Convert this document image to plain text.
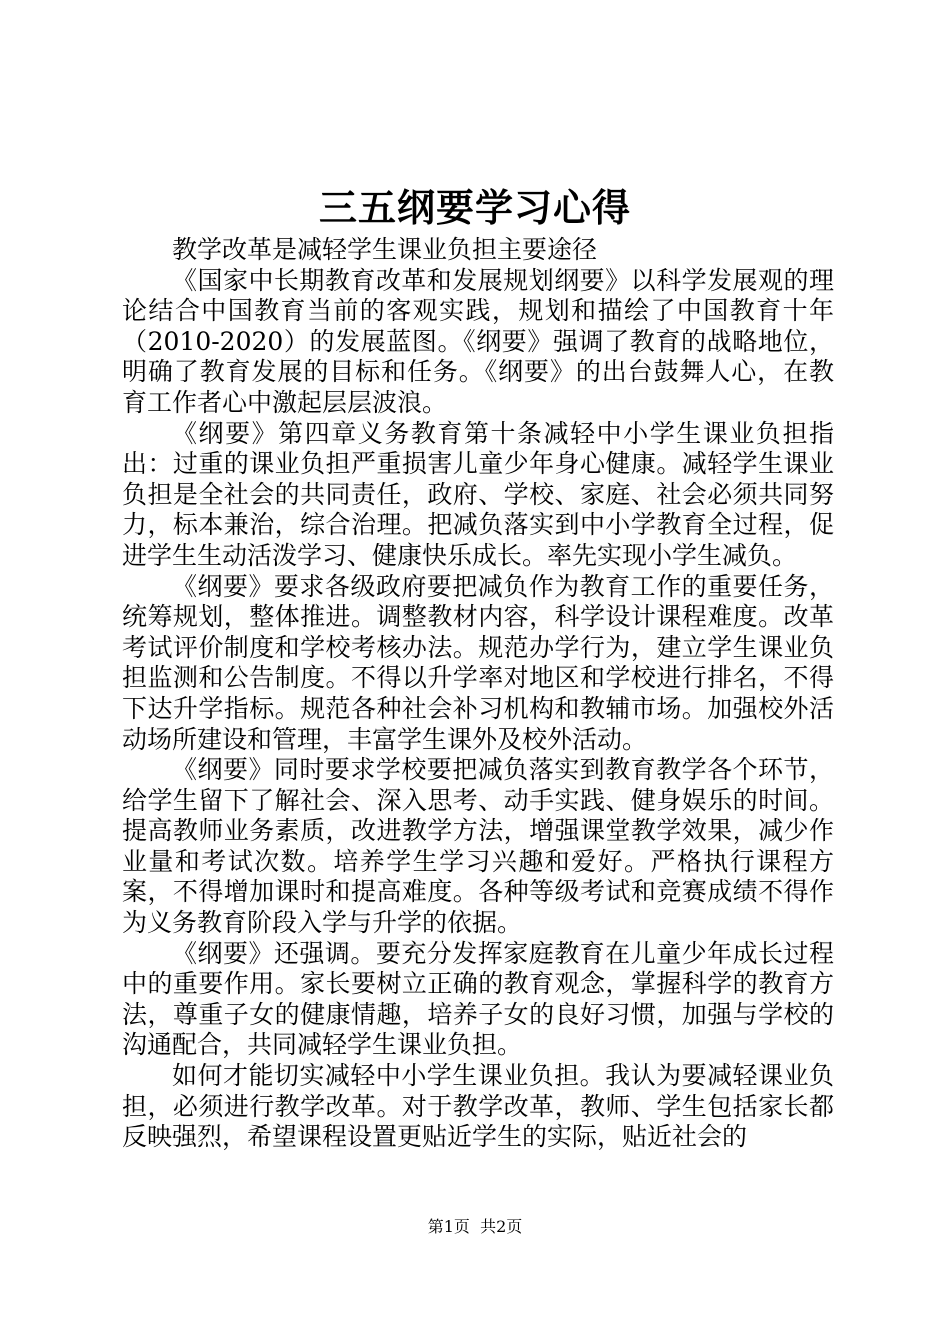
三五纲要学习心得

教学改革是减轻学生课业负担主要途径

《国家中长期教育改革和发展规划纲要》以科学发展观的理论结合中国教育当前的客观实践，规划和描绘了中国教育十年（2010-2020）的发展蓝图。《纲要》强调了教育的战略地位，明确了教育发展的目标和任务。《纲要》的出台鼓舞人心，在教育工作者心中激起层层波浪。

《纲要》第四章义务教育第十条减轻中小学生课业负担指出：过重的课业负担严重损害儿童少年身心健康。减轻学生课业负担是全社会的共同责任，政府、学校、家庭、社会必须共同努力，标本兼治，综合治理。把减负落实到中小学教育全过程，促进学生生动活泼学习、健康快乐成长。率先实现小学生减负。

《纲要》要求各级政府要把减负作为教育工作的重要任务，统筹规划，整体推进。调整教材内容，科学设计课程难度。改革考试评价制度和学校考核办法。规范办学行为，建立学生课业负担监测和公告制度。不得以升学率对地区和学校进行排名，不得下达升学指标。规范各种社会补习机构和教辅市场。加强校外活动场所建设和管理，丰富学生课外及校外活动。

《纲要》同时要求学校要把减负落实到教育教学各个环节，给学生留下了解社会、深入思考、动手实践、健身娱乐的时间。提高教师业务素质，改进教学方法，增强课堂教学效果，减少作业量和考试次数。培养学生学习兴趣和爱好。严格执行课程方案，不得增加课时和提高难度。各种等级考试和竞赛成绩不得作为义务教育阶段入学与升学的依据。

《纲要》还强调。要充分发挥家庭教育在儿童少年成长过程中的重要作用。家长要树立正确的教育观念，掌握科学的教育方法，尊重子女的健康情趣，培养子女的良好习惯，加强与学校的沟通配合，共同减轻学生课业负担。

如何才能切实减轻中小学生课业负担。我认为要减轻课业负担，必须进行教学改革。对于教学改革，教师、学生包括家长都反映强烈，希望课程设置更贴近学生的实际，贴近社会的

第1页 共2页
